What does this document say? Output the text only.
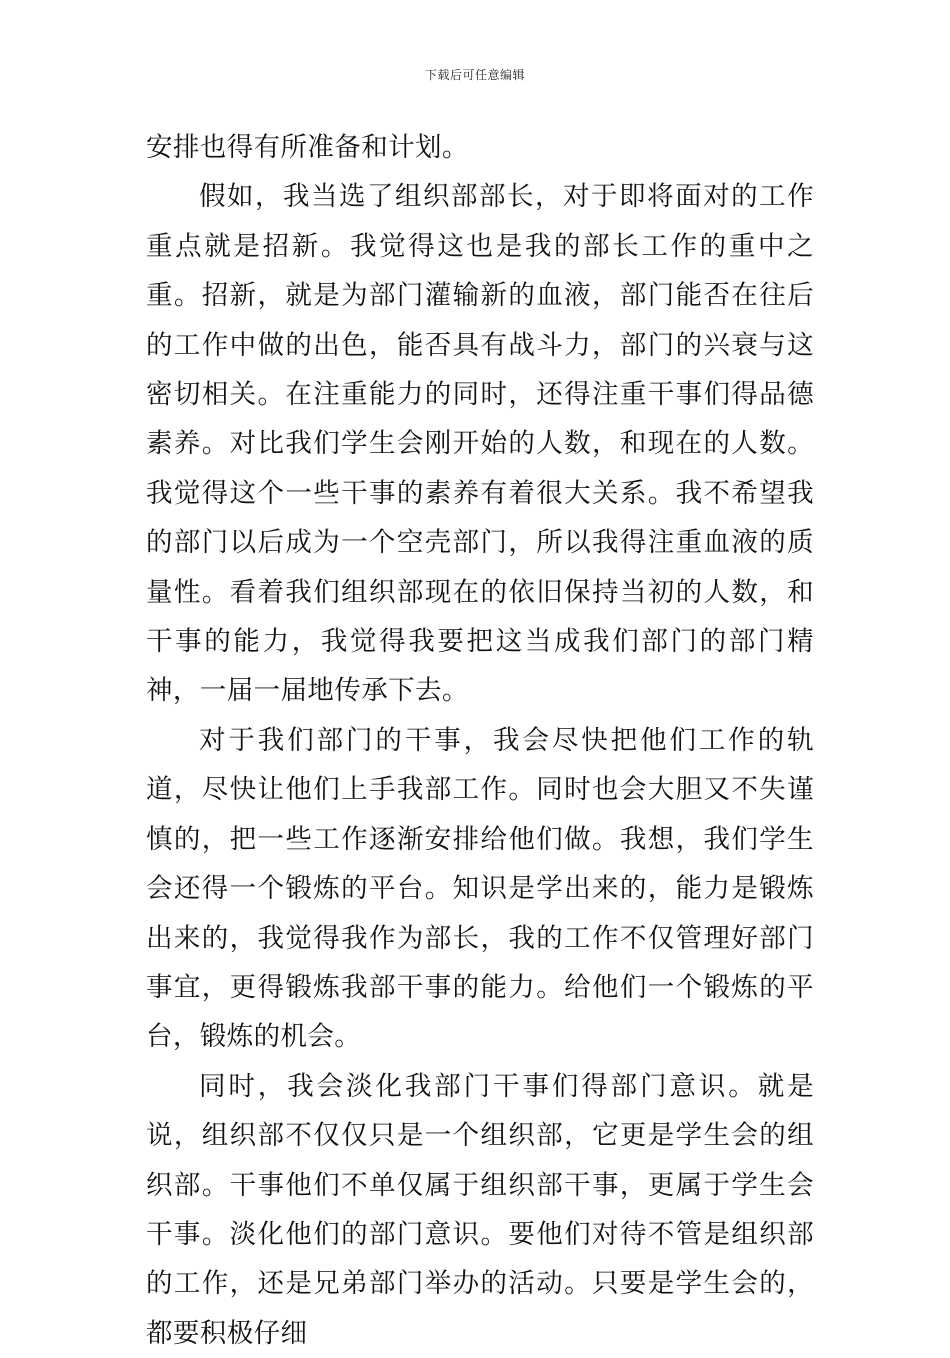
下载后可任意编辑

安排也得有所准备和计划。

假如，我当选了组织部部长，对于即将面对的工作重点就是招新。我觉得这也是我的部长工作的重中之重。招新，就是为部门灌输新的血液，部门能否在往后的工作中做的出色，能否具有战斗力，部门的兴衰与这密切相关。在注重能力的同时，还得注重干事们得品德素养。对比我们学生会刚开始的人数，和现在的人数。我觉得这个一些干事的素养有着很大关系。我不希望我的部门以后成为一个空壳部门，所以我得注重血液的质量性。看着我们组织部现在的依旧保持当初的人数，和干事的能力，我觉得我要把这当成我们部门的部门精神，一届一届地传承下去。

对于我们部门的干事，我会尽快把他们工作的轨道，尽快让他们上手我部工作。同时也会大胆又不失谨慎的，把一些工作逐渐安排给他们做。我想，我们学生会还得一个锻炼的平台。知识是学出来的，能力是锻炼出来的，我觉得我作为部长，我的工作不仅管理好部门事宜，更得锻炼我部干事的能力。给他们一个锻炼的平台，锻炼的机会。

同时，我会淡化我部门干事们得部门意识。就是说，组织部不仅仅只是一个组织部，它更是学生会的组织部。干事他们不单仅属于组织部干事，更属于学生会干事。淡化他们的部门意识。要他们对待不管是组织部的工作，还是兄弟部门举办的活动。只要是学生会的，都要积极仔细
